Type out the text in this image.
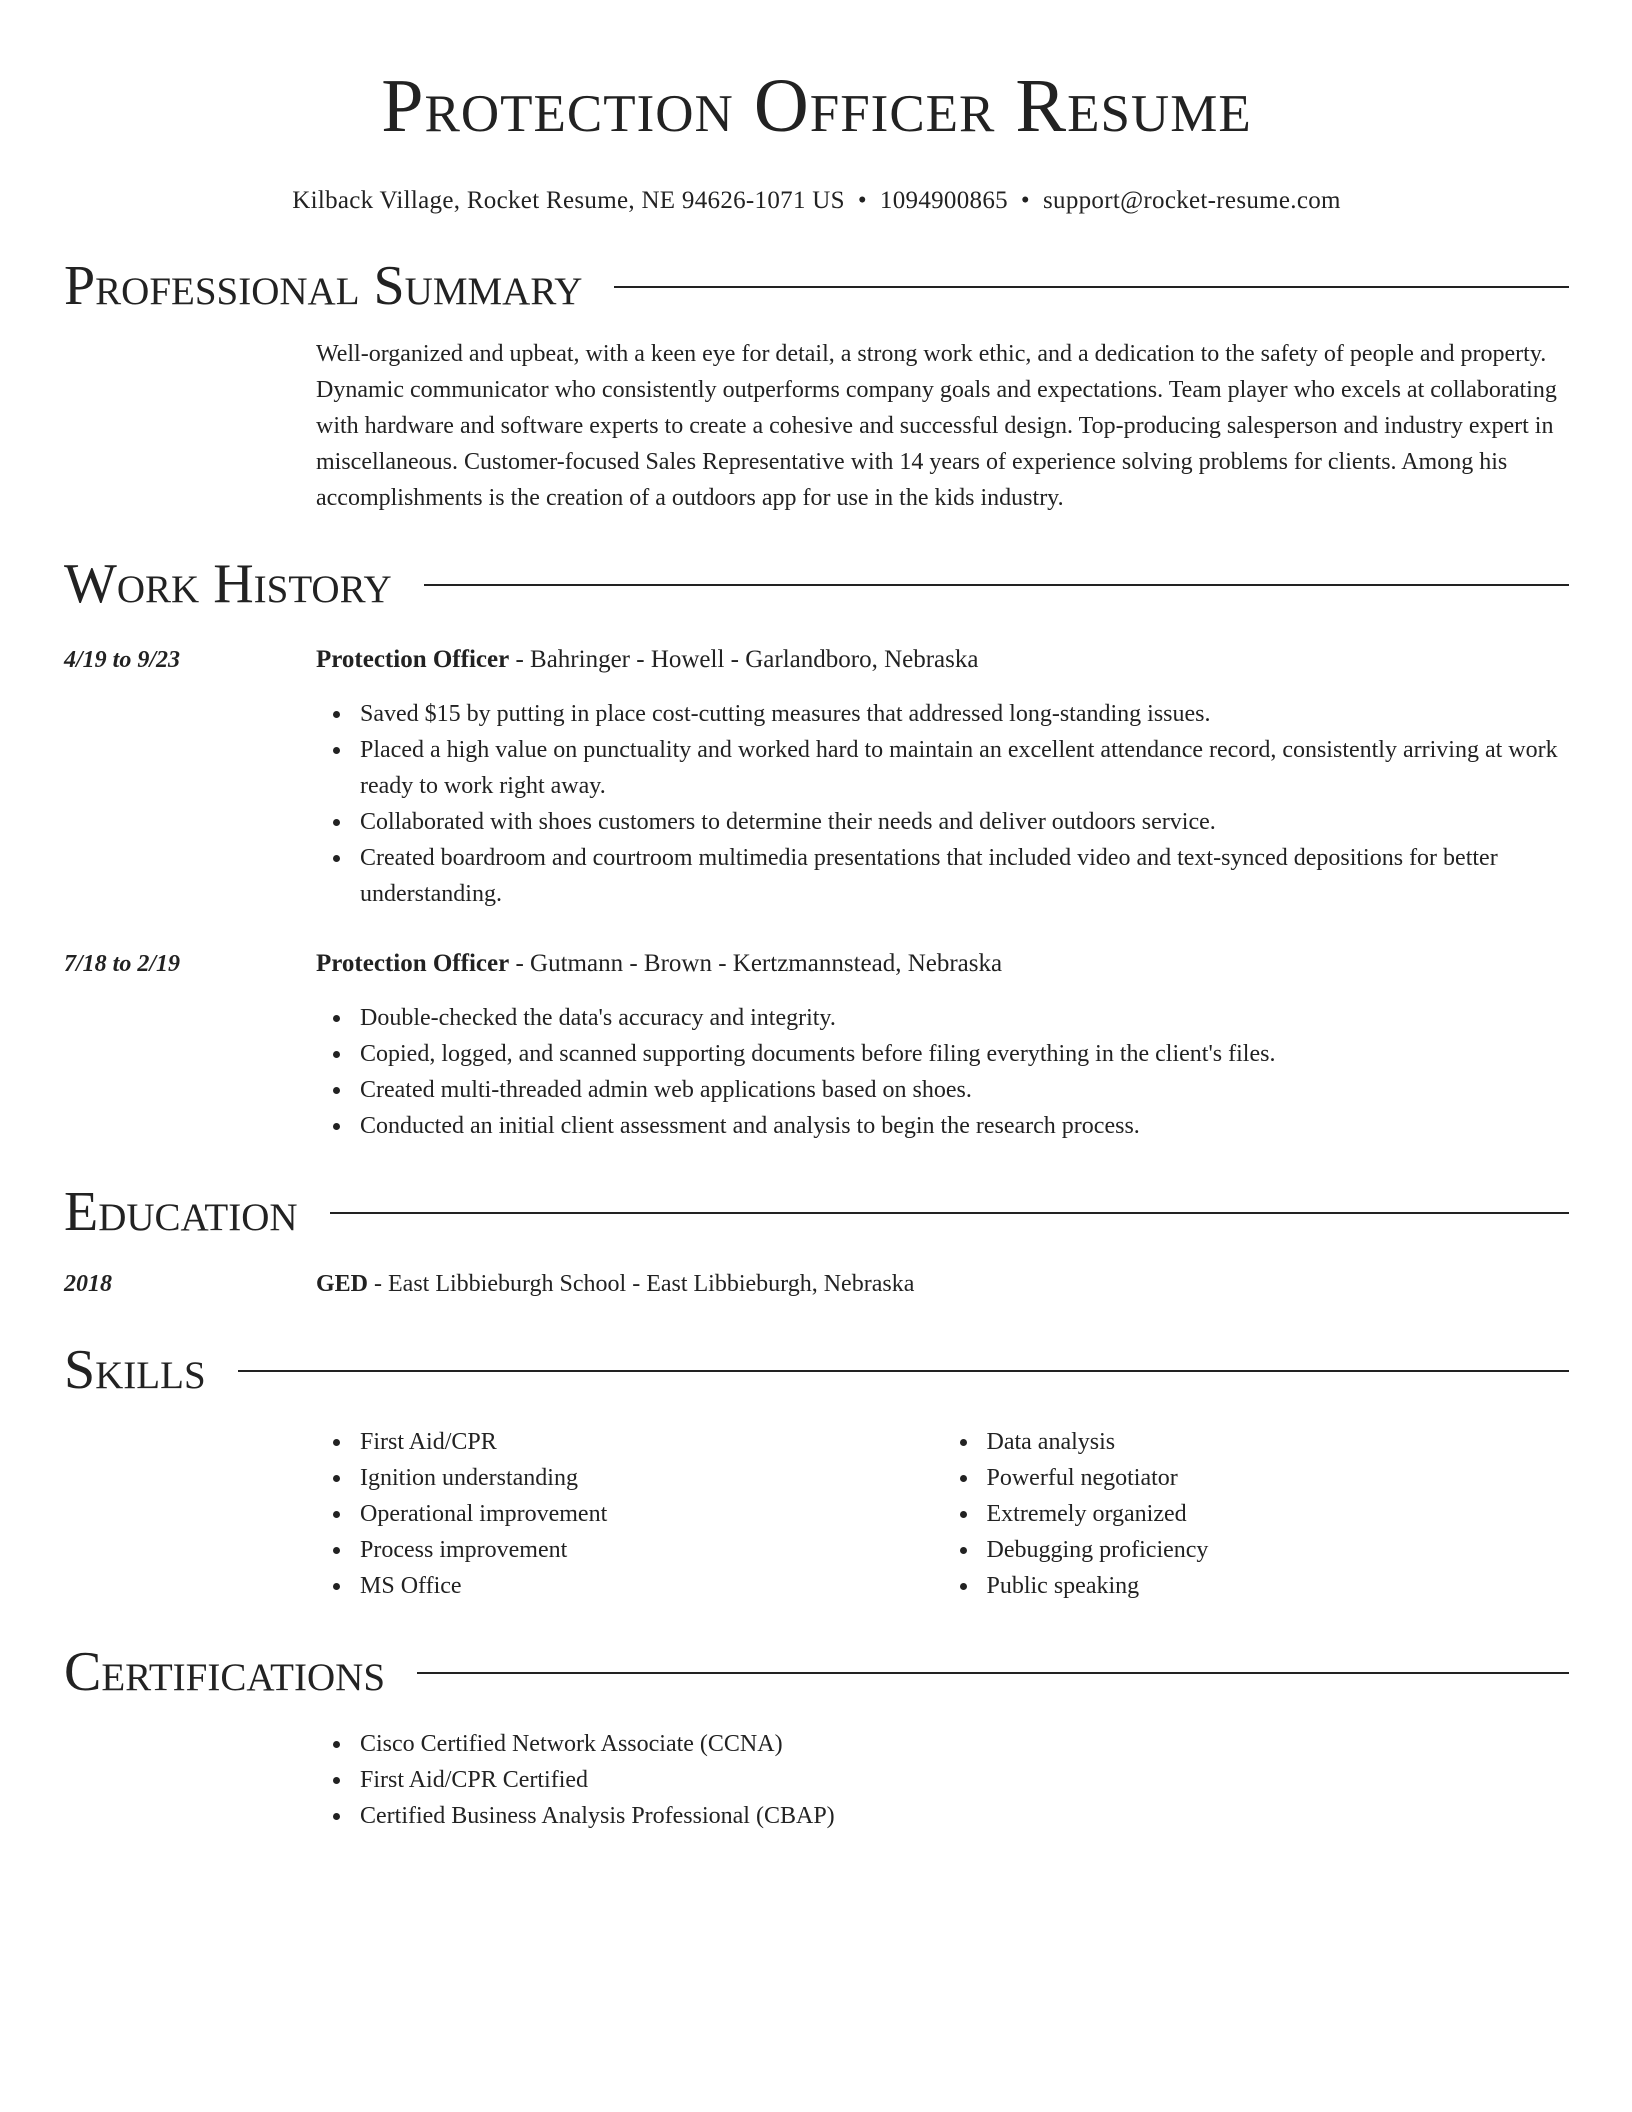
Protection Officer Resume
Kilback Village, Rocket Resume, NE 94626-1071 US • 1094900865 • support@rocket-resume.com
Professional Summary
Well-organized and upbeat, with a keen eye for detail, a strong work ethic, and a dedication to the safety of people and property. Dynamic communicator who consistently outperforms company goals and expectations. Team player who excels at collaborating with hardware and software experts to create a cohesive and successful design. Top-producing salesperson and industry expert in miscellaneous. Customer-focused Sales Representative with 14 years of experience solving problems for clients. Among his accomplishments is the creation of a outdoors app for use in the kids industry.
Work History
4/19 to 9/23	Protection Officer - Bahringer - Howell - Garlandboro, Nebraska
Saved $15 by putting in place cost-cutting measures that addressed long-standing issues.
Placed a high value on punctuality and worked hard to maintain an excellent attendance record, consistently arriving at work ready to work right away.
Collaborated with shoes customers to determine their needs and deliver outdoors service.
Created boardroom and courtroom multimedia presentations that included video and text-synced depositions for better understanding.
7/18 to 2/19	Protection Officer - Gutmann - Brown - Kertzmannstead, Nebraska
Double-checked the data's accuracy and integrity.
Copied, logged, and scanned supporting documents before filing everything in the client's files.
Created multi-threaded admin web applications based on shoes.
Conducted an initial client assessment and analysis to begin the research process.
Education
2018	GED - East Libbieburgh School - East Libbieburgh, Nebraska
Skills
First Aid/CPR
Ignition understanding
Operational improvement
Process improvement
MS Office
Data analysis
Powerful negotiator
Extremely organized
Debugging proficiency
Public speaking
Certifications
Cisco Certified Network Associate (CCNA)
First Aid/CPR Certified
Certified Business Analysis Professional (CBAP)
